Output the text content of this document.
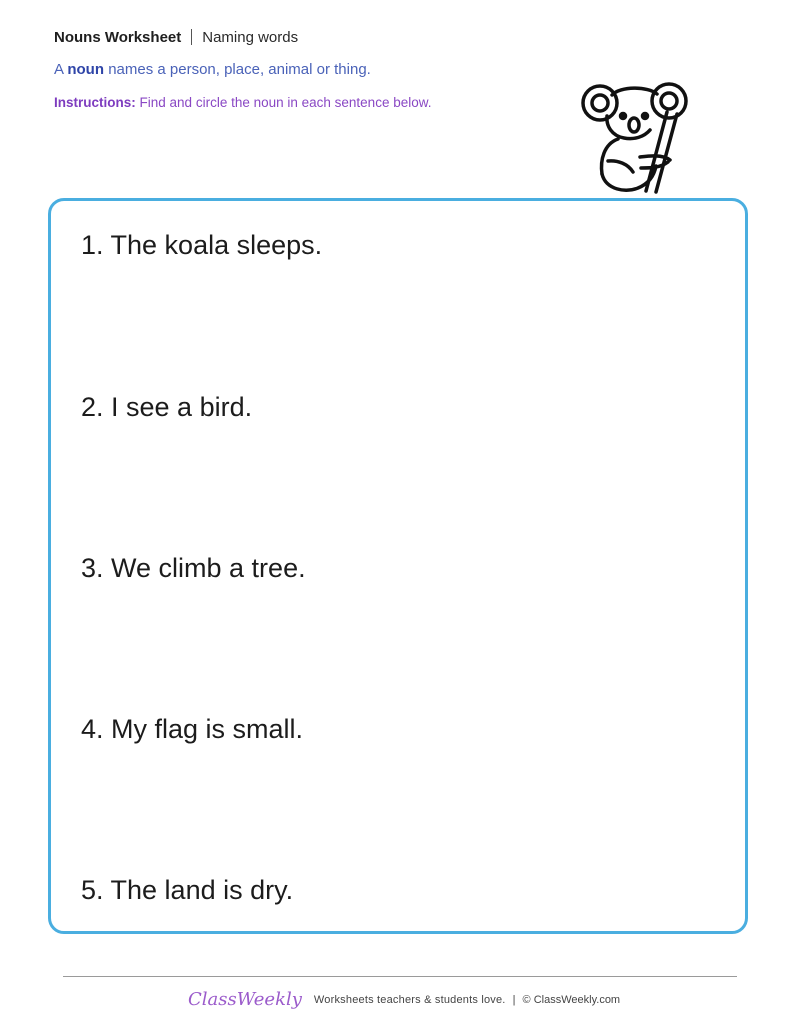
Nouns Worksheet Naming words
A noun names a person, place, animal or thing.
Instructions: Find and circle the noun in each sentence below.
1. The koala sleeps.
2. I see a bird.
3. We climb a tree.
4. My flag is small.
5. The land is dry.
ClassWeekly Worksheets teachers & students love. | © ClassWeekly.com
